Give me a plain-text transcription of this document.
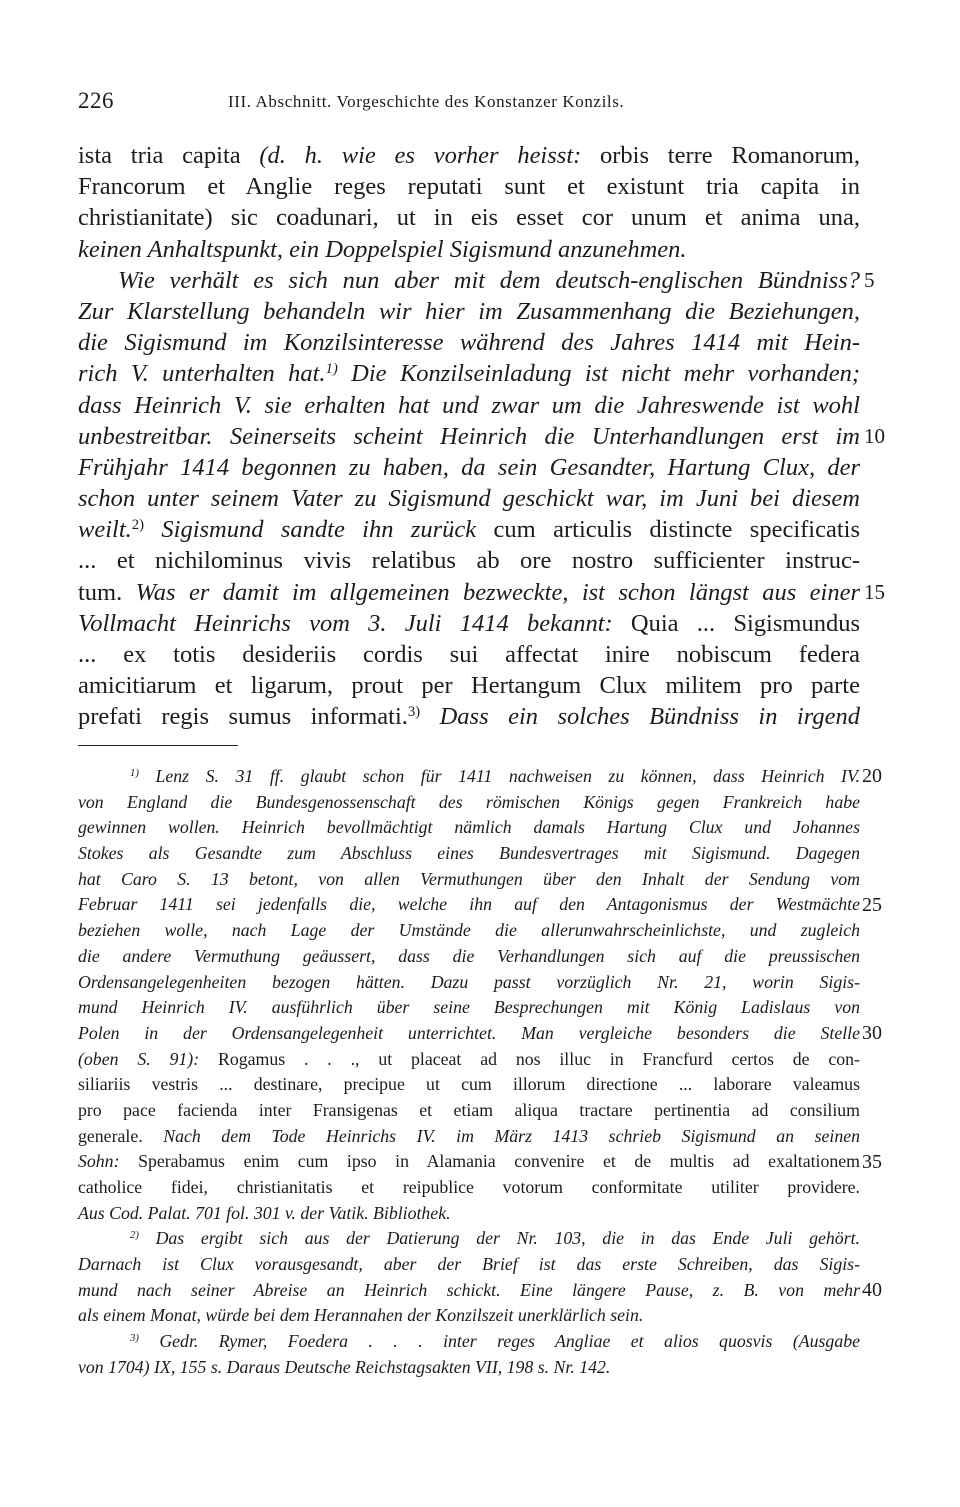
226	III. Abschnitt. Vorgeschichte des Konstanzer Konzils.
ista tria capita (d. h. wie es vorher heisst: orbis terre Romanorum,
Francorum et Anglie reges reputati sunt et existunt tria capita in
christianitate) sic coadunari, ut in eis esset cor unum et anima una,
keinen Anhaltspunkt, ein Doppelspiel Sigismund anzunehmen.
Wie verhält es sich nun aber mit dem deutsch-englischen Bündniss?
Zur Klarstellung behandeln wir hier im Zusammenhang die Beziehungen,
die Sigismund im Konzilsinteresse während des Jahres 1414 mit Hein-
rich V. unterhalten hat.$^{1)}$ Die Konzilseinladung ist nicht mehr vorhanden;
dass Heinrich V. sie erhalten hat und zwar um die Jahreswende ist wohl
unbestreitbar. Seinerseits scheint Heinrich die Unterhandlungen erst im
Frühjahr 1414 begonnen zu haben, da sein Gesandter, Hartung Clux, der
schon unter seinem Vater zu Sigismund geschickt war, im Juni bei diesem
weilt.$^{2)}$ Sigismund sandte ihn zurück cum articulis distincte specificatis
... et nichilominus vivis relatibus ab ore nostro sufficienter instruc-
tum. Was er damit im allgemeinen bezweckte, ist schon längst aus einer
Vollmacht Heinrichs vom 3. Juli 1414 bekannt: Quia ... Sigismundus
... ex totis desideriis cordis sui affectat inire nobiscum federa
amicitiarum et ligarum, prout per Hertangum Clux militem pro parte
prefati regis sumus informati.$^{3)}$ Dass ein solches Bündniss in irgend
5
10
15
$^{1)}$ Lenz S. 31 ff. glaubt schon für 1411 nachweisen zu können, dass Heinrich IV.
von England die Bundesgenossenschaft des römischen Königs gegen Frankreich habe
gewinnen wollen. Heinrich bevollmächtigt nämlich damals Hartung Clux und Johannes
Stokes als Gesandte zum Abschluss eines Bundesvertrages mit Sigismund. Dagegen
hat Caro S. 13 betont, von allen Vermuthungen über den Inhalt der Sendung vom
Februar 1411 sei jedenfalls die, welche ihn auf den Antagonismus der Westmächte
beziehen wolle, nach Lage der Umstände die allerunwahrscheinlichste, und zugleich
die andere Vermuthung geäussert, dass die Verhandlungen sich auf die preussischen
Ordensangelegenheiten bezogen hätten. Dazu passt vorzüglich Nr. 21, worin Sigis-
mund Heinrich IV. ausführlich über seine Besprechungen mit König Ladislaus von
Polen in der Ordensangelegenheit unterrichtet. Man vergleiche besonders die Stelle
(oben S. 91): Rogamus . . ., ut placeat ad nos illuc in Francfurd certos de con-
siliariis vestris ... destinare, precipue ut cum illorum directione ... laborare valeamus
pro pace facienda inter Fransigenas et etiam aliqua tractare pertinentia ad consilium
generale. Nach dem Tode Heinrichs IV. im März 1413 schrieb Sigismund an seinen
Sohn: Sperabamus enim cum ipso in Alamania convenire et de multis ad exaltationem
catholice fidei, christianitatis et reipublice votorum conformitate utiliter providere.
Aus Cod. Palat. 701 fol. 301 v. der Vatik. Bibliothek.
$^{2)}$ Das ergibt sich aus der Datierung der Nr. 103, die in das Ende Juli gehört.
Darnach ist Clux vorausgesandt, aber der Brief ist das erste Schreiben, das Sigis-
mund nach seiner Abreise an Heinrich schickt. Eine längere Pause, z. B. von mehr
als einem Monat, würde bei dem Herannahen der Konzilszeit unerklärlich sein.
$^{3)}$ Gedr. Rymer, Foedera . . . inter reges Angliae et alios quosvis (Ausgabe
von 1704) IX, 155 s. Daraus Deutsche Reichstagsakten VII, 198 s. Nr. 142.
20
25
30
35
40
